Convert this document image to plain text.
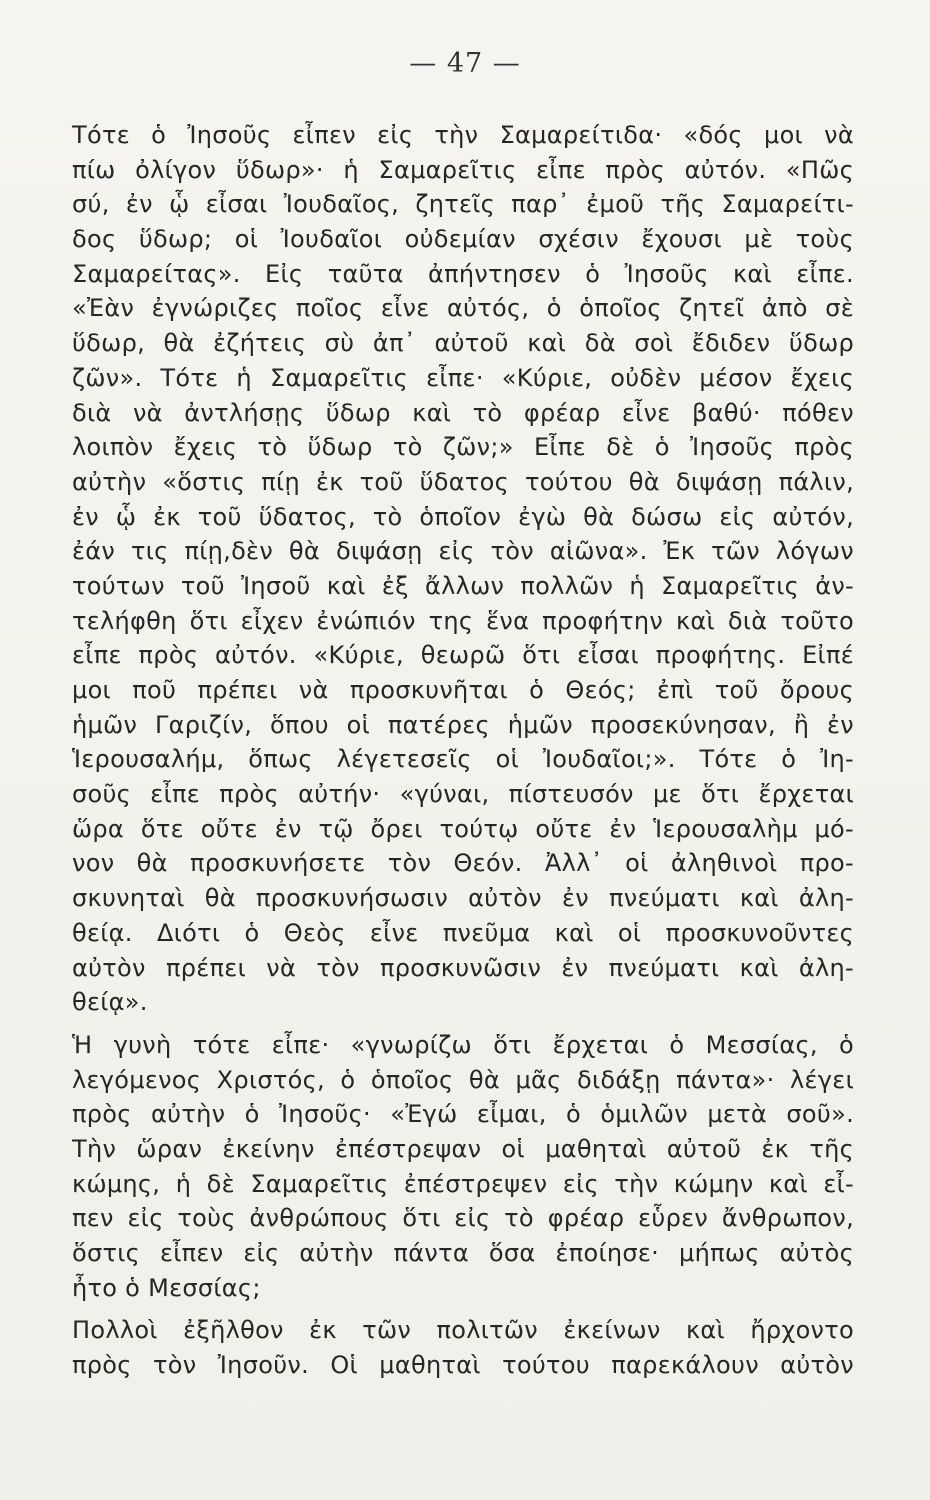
— 47 —
Τότε ὁ Ἰησοῦς εἶπεν εἰς τὴν Σαμαρείτιδα· «δός μοι νὰ
πίω ὀλίγον ὕδωρ»· ἡ Σαμαρεῖτις εἶπε πρὸς αὐτόν. «Πῶς
σύ, ἐν ᾧ εἶσαι Ἰουδαῖος, ζητεῖς παρ᾿ ἐμοῦ τῆς Σαμαρείτι-
δος ὕδωρ; οἱ Ἰουδαῖοι οὐδεμίαν σχέσιν ἔχουσι μὲ τοὺς
Σαμαρείτας». Εἰς ταῦτα ἀπήντησεν ὁ Ἰησοῦς καὶ εἶπε.
«Ἐὰν ἐγνώριζες ποῖος εἶνε αὐτός, ὁ ὁποῖος ζητεῖ ἀπὸ σὲ
ὕδωρ, θὰ ἐζήτεις σὺ ἀπ᾿ αὐτοῦ καὶ δὰ σοὶ ἔδιδεν ὕδωρ
ζῶν». Τότε ἡ Σαμαρεῖτις εἶπε· «Κύριε, οὐδὲν μέσον ἔχεις
διὰ νὰ ἀντλήσῃς ὕδωρ καὶ τὸ φρέαρ εἶνε βαθύ· πόθεν
λοιπὸν ἔχεις τὸ ὕδωρ τὸ ζῶν;» Εἶπε δὲ ὁ Ἰησοῦς πρὸς
αὐτὴν «ὅστις πίῃ ἐκ τοῦ ὕδατος τούτου θὰ διψάσῃ πάλιν,
ἐν ᾧ ἐκ τοῦ ὕδατος, τὸ ὁποῖον ἐγὼ θὰ δώσω εἰς αὐτόν,
ἐάν τις πίῃ,δὲν θὰ διψάσῃ εἰς τὸν αἰῶνα». Ἐκ τῶν λόγων
τούτων τοῦ Ἰησοῦ καὶ ἐξ ἄλλων πολλῶν ἡ Σαμαρεῖτις ἀν-
τελήφθη ὅτι εἶχεν ἐνώπιόν της ἕνα προφήτην καὶ διὰ τοῦτο
εἶπε πρὸς αὐτόν. «Κύριε, θεωρῶ ὅτι εἶσαι προφήτης. Εἰπέ
μοι ποῦ πρέπει νὰ προσκυνῆται ὁ Θεός; ἐπὶ τοῦ ὄρους
ἡμῶν Γαριζίν, ὅπου οἱ πατέρες ἡμῶν προσεκύνησαν, ἢ ἐν
Ἱερουσαλήμ, ὅπως λέγετεσεῖς οἱ Ἰουδαῖοι;». Τότε ὁ Ἰη-
σοῦς εἶπε πρὸς αὐτήν· «γύναι, πίστευσόν με ὅτι ἔρχεται
ὥρα ὅτε οὔτε ἐν τῷ ὄρει τούτῳ οὔτε ἐν Ἱερουσαλὴμ μό-
νον θὰ προσκυνήσετε τὸν Θεόν. Ἀλλ᾿ οἱ ἀληθινοὶ προ-
σκυνηταὶ θὰ προσκυνήσωσιν αὐτὸν ἐν πνεύματι καὶ ἀλη-
θείᾳ. Διότι ὁ Θεὸς εἶνε πνεῦμα καὶ οἱ προσκυνοῦντες
αὐτὸν πρέπει νὰ τὸν προσκυνῶσιν ἐν πνεύματι καὶ ἀλη-
θείᾳ».
Ἡ γυνὴ τότε εἶπε· «γνωρίζω ὅτι ἔρχεται ὁ Μεσσίας, ὁ
λεγόμενος Χριστός, ὁ ὁποῖος θὰ μᾶς διδάξῃ πάντα»· λέγει
πρὸς αὐτὴν ὁ Ἰησοῦς· «Ἐγώ εἶμαι, ὁ ὁμιλῶν μετὰ σοῦ».
Τὴν ὥραν ἐκείνην ἐπέστρεψαν οἱ μαθηταὶ αὐτοῦ ἐκ τῆς
κώμης, ἡ δὲ Σαμαρεῖτις ἐπέστρεψεν εἰς τὴν κώμην καὶ εἶ-
πεν εἰς τοὺς ἀνθρώπους ὅτι εἰς τὸ φρέαρ εὗρεν ἄνθρωπον,
ὅστις εἶπεν εἰς αὐτὴν πάντα ὅσα ἐποίησε· μήπως αὐτὸς
ἦτο ὁ Μεσσίας;
Πολλοὶ ἐξῆλθον ἐκ τῶν πολιτῶν ἐκείνων καὶ ἤρχοντο
πρὸς τὸν Ἰησοῦν. Οἱ μαθηταὶ τούτου παρεκάλουν αὐτὸν
